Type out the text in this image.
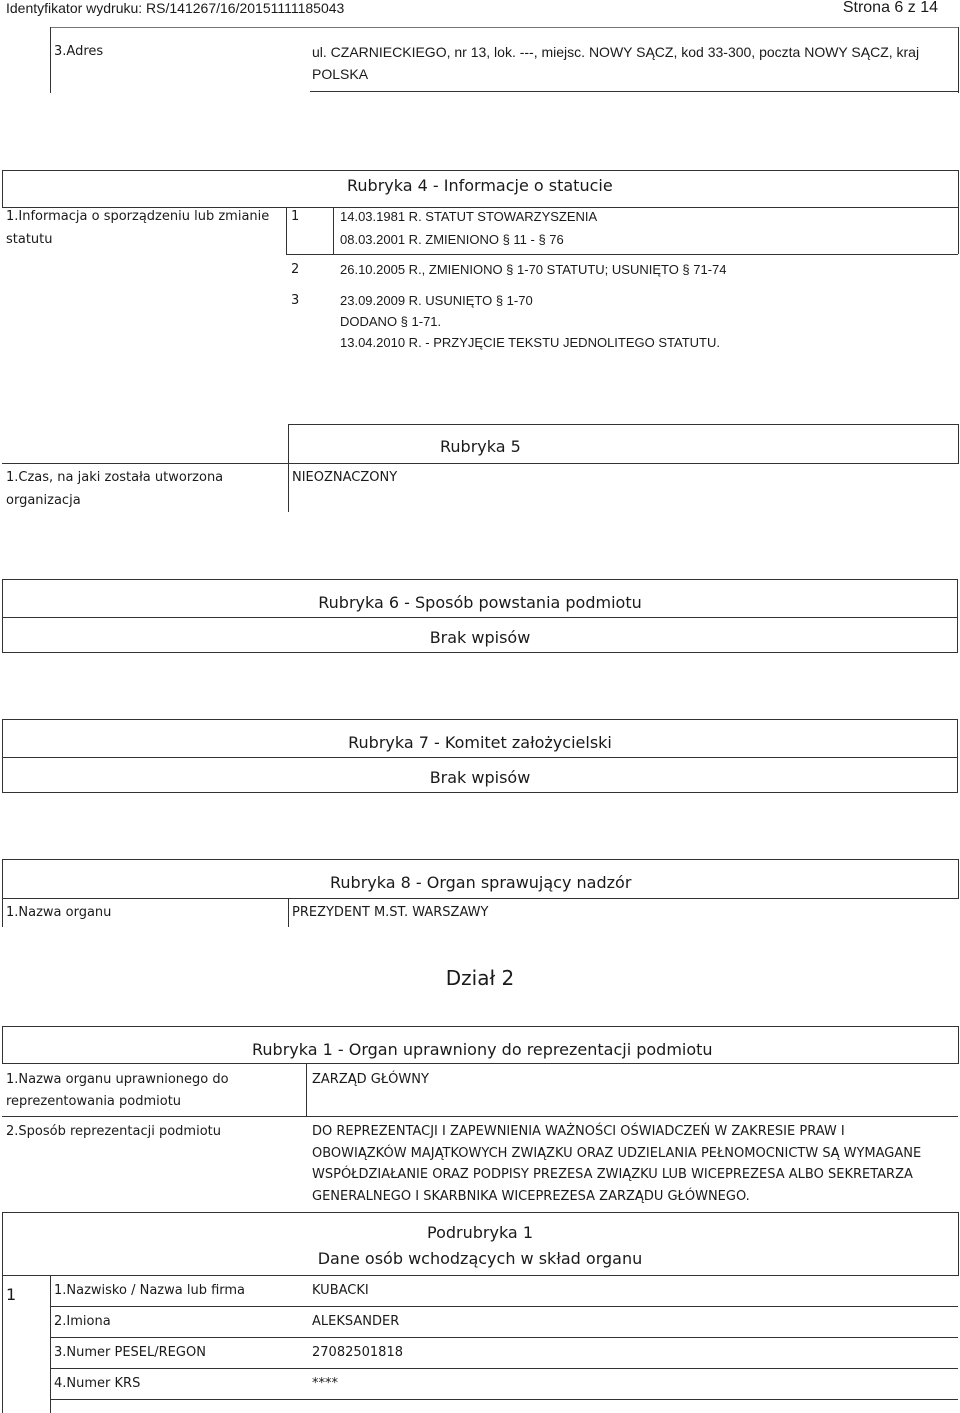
Identyfikator wydruku: RS/141267/16/20151111185043	Strona 6 z 14
3.Adres	ul. CZARNIECKIEGO, nr 13, lok. ---, miejsc. NOWY SĄCZ, kod 33-300, poczta NOWY SĄCZ, kraj
POLSKA
Rubryka 4 - Informacje o statucie
1.Informacja o sporządzeniu lub zmianie
statutu
1	14.03.1981 R. STATUT STOWARZYSZENIA
08.03.2001 R. ZMIENIONO § 11 - § 76
2	26.10.2005 R., ZMIENIONO § 1-70 STATUTU; USUNIĘTO § 71-74
3	23.09.2009 R. USUNIĘTO § 1-70
DODANO § 1-71.
13.04.2010 R. - PRZYJĘCIE TEKSTU JEDNOLITEGO STATUTU.
Rubryka 5
1.Czas, na jaki została utworzona
organizacja
NIEOZNACZONY
Rubryka 6 - Sposób powstania podmiotu
Brak wpisów
Rubryka 7 - Komitet założycielski
Brak wpisów
Rubryka 8 - Organ sprawujący nadzór
1.Nazwa organu	PREZYDENT M.ST. WARSZAWY
Dział 2
Rubryka 1 - Organ uprawniony do reprezentacji podmiotu
1.Nazwa organu uprawnionego do
reprezentowania podmiotu
ZARZĄD GŁÓWNY
2.Sposób reprezentacji podmiotu	DO REPREZENTACJI I ZAPEWNIENIA WAŻNOŚCI OŚWIADCZEŃ W ZAKRESIE PRAW I
OBOWIĄZKÓW MAJĄTKOWYCH ZWIĄZKU ORAZ UDZIELANIA PEŁNOMOCNICTW SĄ WYMAGANE
WSPÓŁDZIAŁANIE ORAZ PODPISY PREZESA ZWIĄZKU LUB WICEPREZESA ALBO SEKRETARZA
GENERALNEGO I SKARBNIKA WICEPREZESA ZARZĄDU GŁÓWNEGO.
Podrubryka 1
Dane osób wchodzących w skład organu
1	1.Nazwisko / Nazwa lub firma	KUBACKI
2.Imiona	ALEKSANDER
3.Numer PESEL/REGON	27082501818
4.Numer KRS	****
